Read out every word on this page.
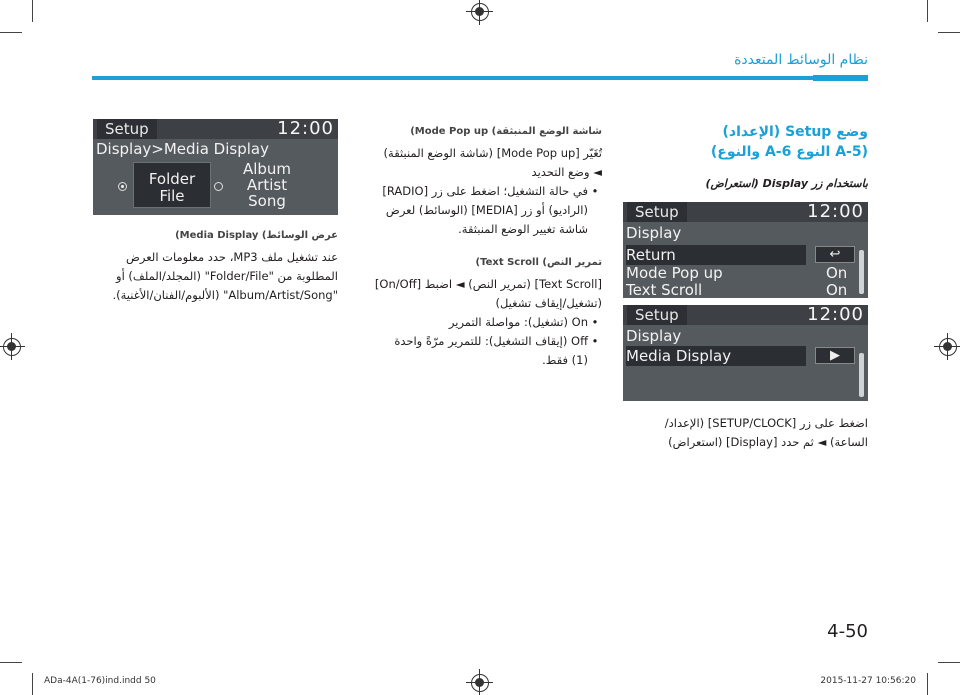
ﻧﻈﺎﻡ ﺍﻟﻮﺳﺎﺋﻂ ﺍﻟﻤﺘﻌﺪﺩﺓ

ﻭﺿﻊ Setup (ﺍﻹﻋﺪﺍﺩ)

(A-5 ﺍﻟﻨﻮﻉ A-6 ﻭﺍﻟﻨﻮﻉ)

ﺑﺎﺳﺘﺨﺪﺍﻡ ﺯﺭ Display (ﺍﺳﺘﻌﺮﺍﺽ)

Setup	12:00
Display
Return	↩
Mode Pop up	On
Text Scroll	On
Setup	12:00
Display
Media Display	▶

ﺍﺿﻐﻂ ﻋﻠﻰ ﺯﺭ [SETUP/CLOCK] (ﺍﻹﻋﺪﺍﺩ/

ﺍﻟﺴﺎﻋﺔ) ◄ ﺛﻢ ﺣﺪﺩ [Display] (ﺍﺳﺘﻌﺮﺍﺽ)

ﺷﺎﺷﺔ ﺍﻟﻮﺿﻊ ﺍﻟﻤﻨﺒﺜﻘﺔ) Mode Pop up)

ﺗُﻐَﻴّﺮ [Mode Pop up] (ﺷﺎﺷﺔ ﺍﻟﻮﺿﻊ ﺍﻟﻤﻨﺒﺜﻘﺔ)

◄ ﻭﺿﻊ ﺍﻟﺘﺤﺪﻳﺪ

• ﻓﻲ ﺣﺎﻟﺔ ﺍﻟﺘﺸﻐﻴﻞ؛ ﺍﺿﻐﻂ ﻋﻠﻰ ﺯﺭ [RADIO]

(ﺍﻟﺮﺍﺩﻳﻮ) ﺃﻭ ﺯﺭ [MEDIA] (ﺍﻟﻮﺳﺎﺋﻂ) ﻟﻌﺮﺽ

ﺷﺎﺷﺔ ﺗﻐﻴﻴﺮ ﺍﻟﻮﺿﻊ ﺍﻟﻤﻨﺒﺜﻘﺔ.

ﺗﻤﺮﻳﺮ ﺍﻟﻨﺺ) Text Scroll)

[Text Scroll] (ﺗﻤﺮﻳﺮ ﺍﻟﻨﺺ) ◄ ﺍﺿﺒﻂ [On/Off]

(ﺗﺸﻐﻴﻞ/ﺇﻳﻘﺎﻑ ﺗﺸﻐﻴﻞ)

• On (ﺗﺸﻐﻴﻞ): ﻣﻮﺍﺻﻠﺔ ﺍﻟﺘﻤﺮﻳﺮ

• Off (ﺇﻳﻘﺎﻑ ﺍﻟﺘﺸﻐﻴﻞ): ﻟﻠﺘﻤﺮﻳﺮ ﻣﺮّﺓً ﻭﺍﺣﺪﺓ

(1) ﻓﻘﻂ.

Setup	12:00
Display>Media Display
Folder
File
Album
Artist
Song

ﻋﺮﺽ ﺍﻟﻮﺳﺎﺋﻂ) Media Display)

ﻋﻨﺪ ﺗﺸﻐﻴﻞ ﻣﻠﻒ MP3، ﺣﺪﺩ ﻣﻌﻠﻮﻣﺎﺕ ﺍﻟﻌﺮﺽ

ﺍﻟﻤﻄﻠﻮﺑﺔ ﻣﻦ "Folder/File" (ﺍﻟﻤﺠﻠﺪ/ﺍﻟﻤﻠﻒ) ﺃﻭ

"Album/Artist/Song" (ﺍﻷﻟﺒﻮﻡ/ﺍﻟﻔﻨﺎﻥ/ﺍﻷﻏﻨﻴﺔ).

4-50
ADa-4A(1-76)ind.indd 50	2015-11-27 10:56:20
